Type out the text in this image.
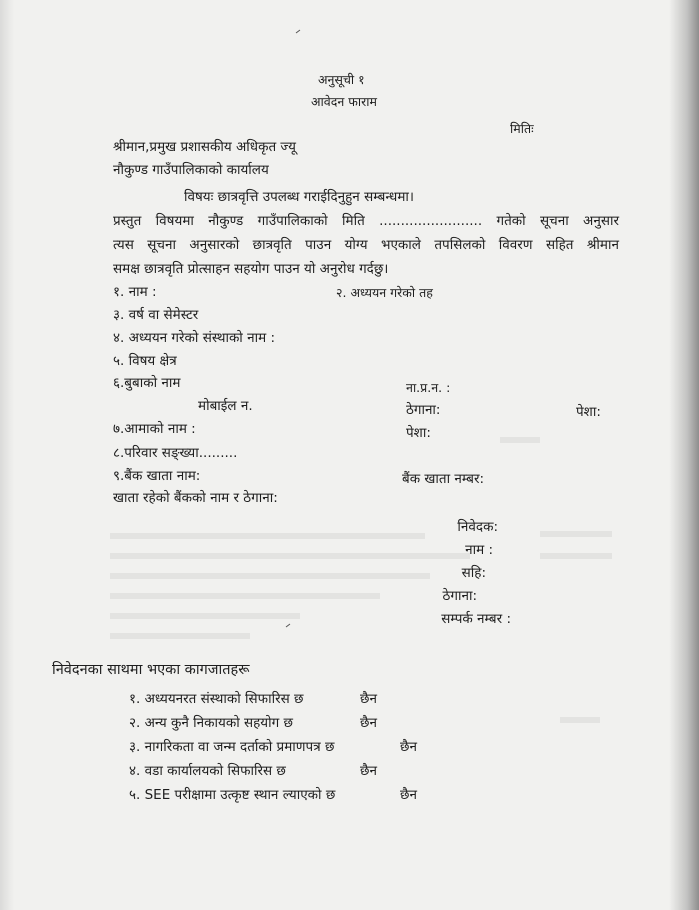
अनुसूची १
आवेदन फाराम
मितिः
श्रीमान,प्रमुख प्रशासकीय अधिकृत ज्यू
नौकुण्ड गाउँपालिकाको कार्यालय
विषयः छात्रवृत्ति उपलब्ध गराईदिनुहुन सम्बन्धमा।
प्रस्तुत विषयमा नौकुण्ड गाउँपालिकाको मिति ........................ गतेको सूचना अनुसार
त्यस सूचना अनुसारको छात्रवृति पाउन योग्य भएकाले तपसिलको विवरण सहित श्रीमान
समक्ष छात्रवृति प्रोत्साहन सहयोग पाउन यो अनुरोध गर्दछु।
१. नाम :	२. अध्ययन गरेको तह
३. वर्ष वा सेमेस्टर
४. अध्ययन गरेको संस्थाको नाम :
५. विषय क्षेत्र
६.बुबाको नाम	ना.प्र.न. :
मोबाईल न.	ठेगाना:	पेशा:
७.आमाको नाम :	पेशा:
८.परिवार सङ्ख्या.........
९.बैंक खाता नाम:	बैंक खाता नम्बर:
खाता रहेको बैंकको नाम र ठेगाना:
निवेदक:
नाम :
सहि:
ठेगाना:
सम्पर्क नम्बर :
निवेदनका साथमा भएका कागजातहरू
१. अध्ययनरत संस्थाको सिफारिस छ	छैन
२. अन्य कुनै निकायको सहयोग छ	छैन
३. नागरिकता वा जन्म दर्ताको प्रमाणपत्र छ	छैन
४. वडा कार्यालयको सिफारिस छ	छैन
५. SEE परीक्षामा उत्कृष्ट स्थान ल्याएको छ	छैन
